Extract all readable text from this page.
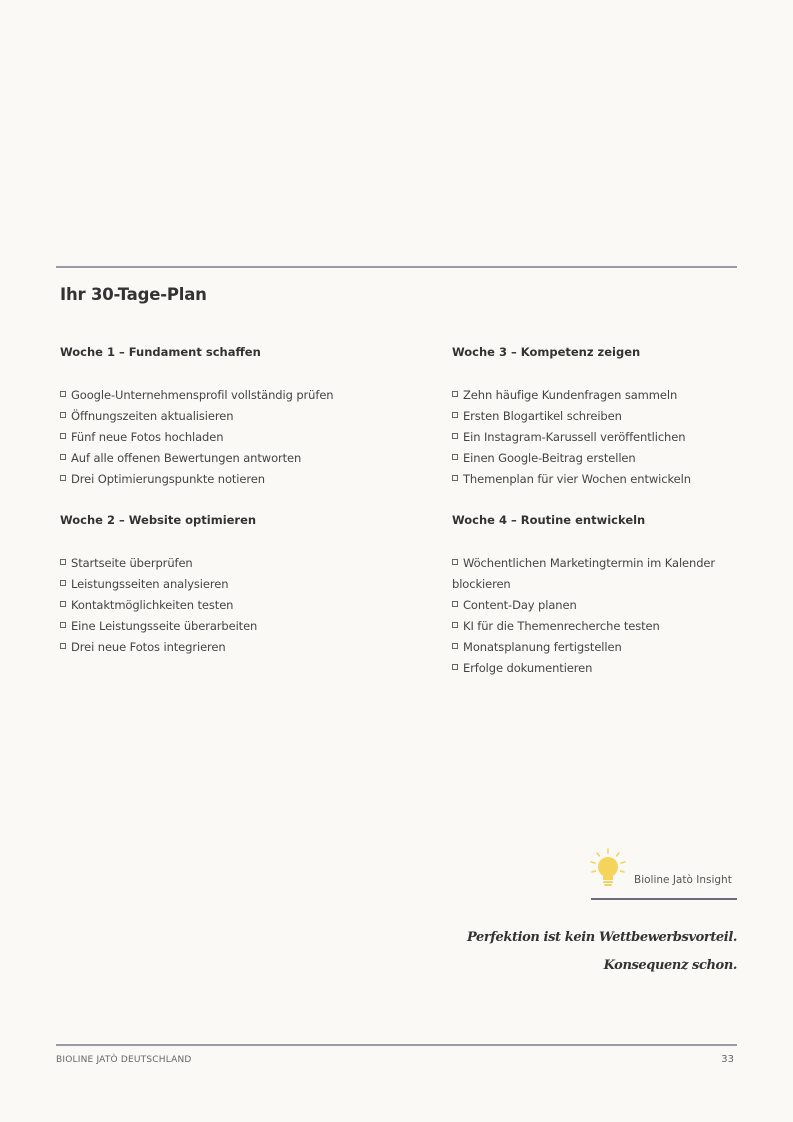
Ihr 30-Tage-Plan
Woche 1 – Fundament schaffen
Google-Unternehmensprofil vollständig prüfen
Öffnungszeiten aktualisieren
Fünf neue Fotos hochladen
Auf alle offenen Bewertungen antworten
Drei Optimierungspunkte notieren
Woche 2 – Website optimieren
Startseite überprüfen
Leistungsseiten analysieren
Kontaktmöglichkeiten testen
Eine Leistungsseite überarbeiten
Drei neue Fotos integrieren
Woche 3 – Kompetenz zeigen
Zehn häufige Kundenfragen sammeln
Ersten Blogartikel schreiben
Ein Instagram-Karussell veröffentlichen
Einen Google-Beitrag erstellen
Themenplan für vier Wochen entwickeln
Woche 4 – Routine entwickeln
Wöchentlichen Marketingtermin im Kalender blockieren
Content-Day planen
KI für die Themenrecherche testen
Monatsplanung fertigstellen
Erfolge dokumentieren
Bioline Jatò Insight
Perfektion ist kein Wettbewerbsvorteil.
Konsequenz schon.
BIOLINE JATÒ DEUTSCHLAND	33
